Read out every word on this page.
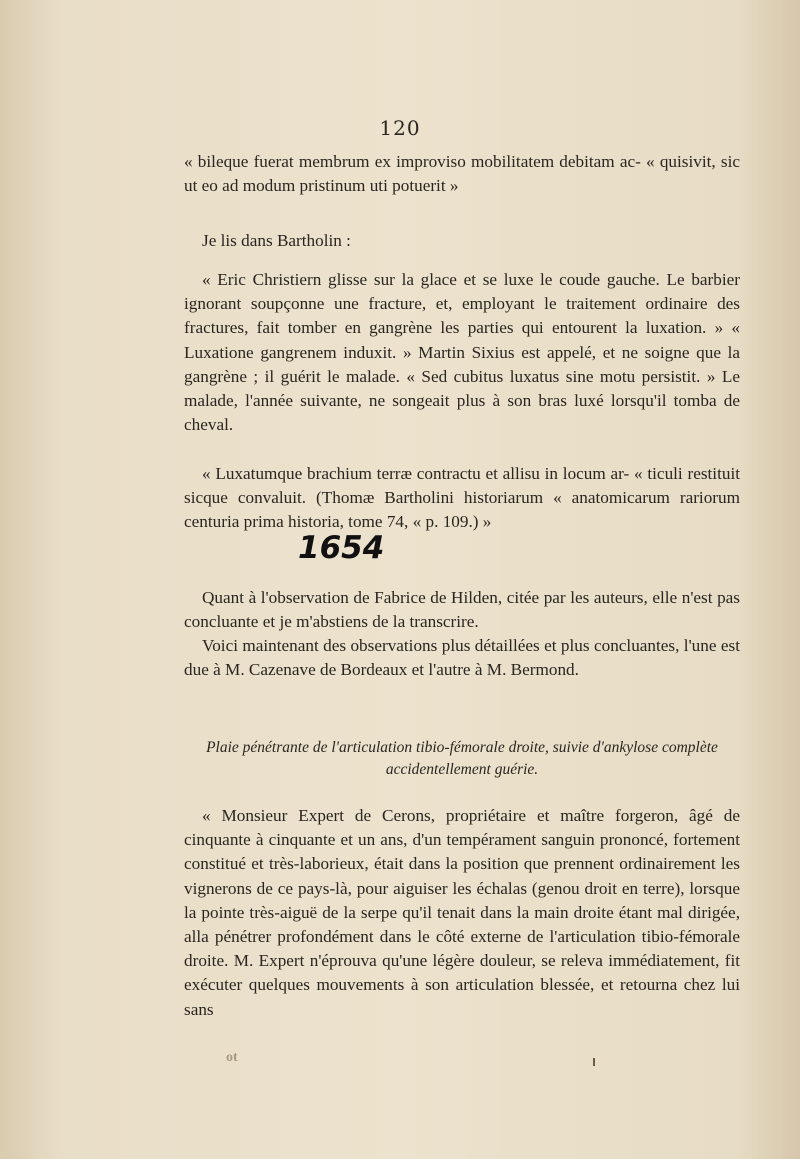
120

« bileque fuerat membrum ex improviso mobilitatem debitam ac- « quisivit, sic ut eo ad modum pristinum uti potuerit »

Je lis dans Bartholin :

« Eric Christiern glisse sur la glace et se luxe le coude gauche. Le barbier ignorant soupçonne une fracture, et, employant le traitement ordinaire des fractures, fait tomber en gangrène les parties qui entourent la luxation. » « Luxatione gangrenem induxit. » Martin Sixius est appelé, et ne soigne que la gangrène ; il guérit le malade. « Sed cubitus luxatus sine motu persistit. » Le malade, l'année suivante, ne songeait plus à son bras luxé lorsqu'il tomba de cheval.

« Luxatumque brachium terræ contractu et allisu in locum ar- « ticuli restituit sicque convaluit. (Thomæ Bartholini historiarum « anatomicarum rariorum centuria prima historia, tome 74, « p. 109.) »

1654

Quant à l'observation de Fabrice de Hilden, citée par les auteurs, elle n'est pas concluante et je m'abstiens de la transcrire.

Voici maintenant des observations plus détaillées et plus concluantes, l'une est due à M. Cazenave de Bordeaux et l'autre à M. Bermond.

Plaie pénétrante de l'articulation tibio-fémorale droite, suivie d'ankylose complète accidentellement guérie.

« Monsieur Expert de Cerons, propriétaire et maître forgeron, âgé de cinquante à cinquante et un ans, d'un tempérament sanguin prononcé, fortement constitué et très-laborieux, était dans la position que prennent ordinairement les vignerons de ce pays-là, pour aiguiser les échalas (genou droit en terre), lorsque la pointe très-aiguë de la serpe qu'il tenait dans la main droite étant mal dirigée, alla pénétrer profondément dans le côté externe de l'articulation tibio-fémorale droite. M. Expert n'éprouva qu'une légère douleur, se releva immédiatement, fit exécuter quelques mouvements à son articulation blessée, et retourna chez lui sans

ot
